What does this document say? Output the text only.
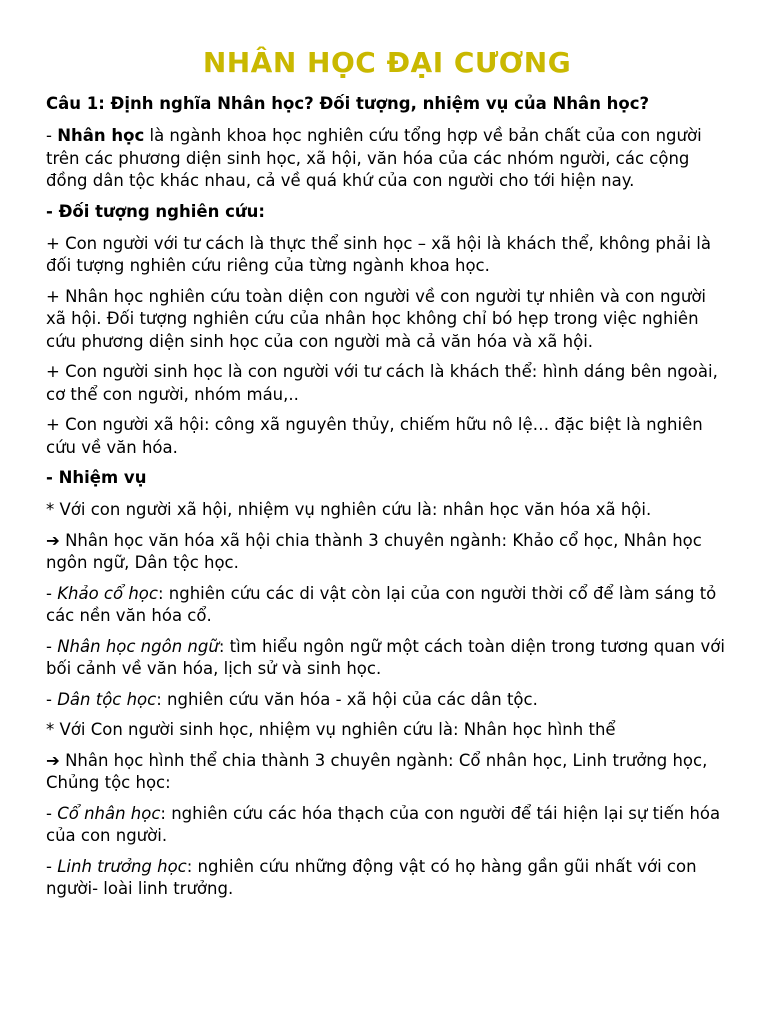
NHÂN HỌC ĐẠI CƯƠNG
Câu 1: Định nghĩa Nhân học? Đối tượng, nhiệm vụ của Nhân học?

- Nhân học là ngành khoa học nghiên cứu tổng hợp về bản chất của con người trên các phương diện sinh học, xã hội, văn hóa của các nhóm người, các cộng đồng dân tộc khác nhau, cả về quá khứ của con người cho tới hiện nay.

- Đối tượng nghiên cứu:

+ Con người với tư cách là thực thể sinh học – xã hội là khách thể, không phải là đối tượng nghiên cứu riêng của từng ngành khoa học.

+ Nhân học nghiên cứu toàn diện con người về con người tự nhiên và con người xã hội. Đối tượng nghiên cứu của nhân học không chỉ bó hẹp trong việc nghiên cứu phương diện sinh học của con người mà cả văn hóa và xã hội.

+ Con người sinh học là con người với tư cách là khách thể: hình dáng bên ngoài, cơ thể con người, nhóm máu,..

+ Con người xã hội: công xã nguyên thủy, chiếm hữu nô lệ… đặc biệt là nghiên cứu về văn hóa.

- Nhiệm vụ

* Với con người xã hội, nhiệm vụ nghiên cứu là: nhân học văn hóa xã hội.

➔ Nhân học văn hóa xã hội chia thành 3 chuyên ngành: Khảo cổ học, Nhân học ngôn ngữ, Dân tộc học.

- Khảo cổ học: nghiên cứu các di vật còn lại của con người thời cổ để làm sáng tỏ các nền văn hóa cổ.

- Nhân học ngôn ngữ: tìm hiểu ngôn ngữ một cách toàn diện trong tương quan với bối cảnh về văn hóa, lịch sử và sinh học.

- Dân tộc học: nghiên cứu văn hóa - xã hội của các dân tộc.

* Với Con người sinh học, nhiệm vụ nghiên cứu là: Nhân học hình thể

➔ Nhân học hình thể chia thành 3 chuyên ngành: Cổ nhân học, Linh trưởng học, Chủng tộc học:

- Cổ nhân học: nghiên cứu các hóa thạch của con người để tái hiện lại sự tiến hóa của con người.

- Linh trưởng học: nghiên cứu những động vật có họ hàng gần gũi nhất với con người- loài linh trưởng.
